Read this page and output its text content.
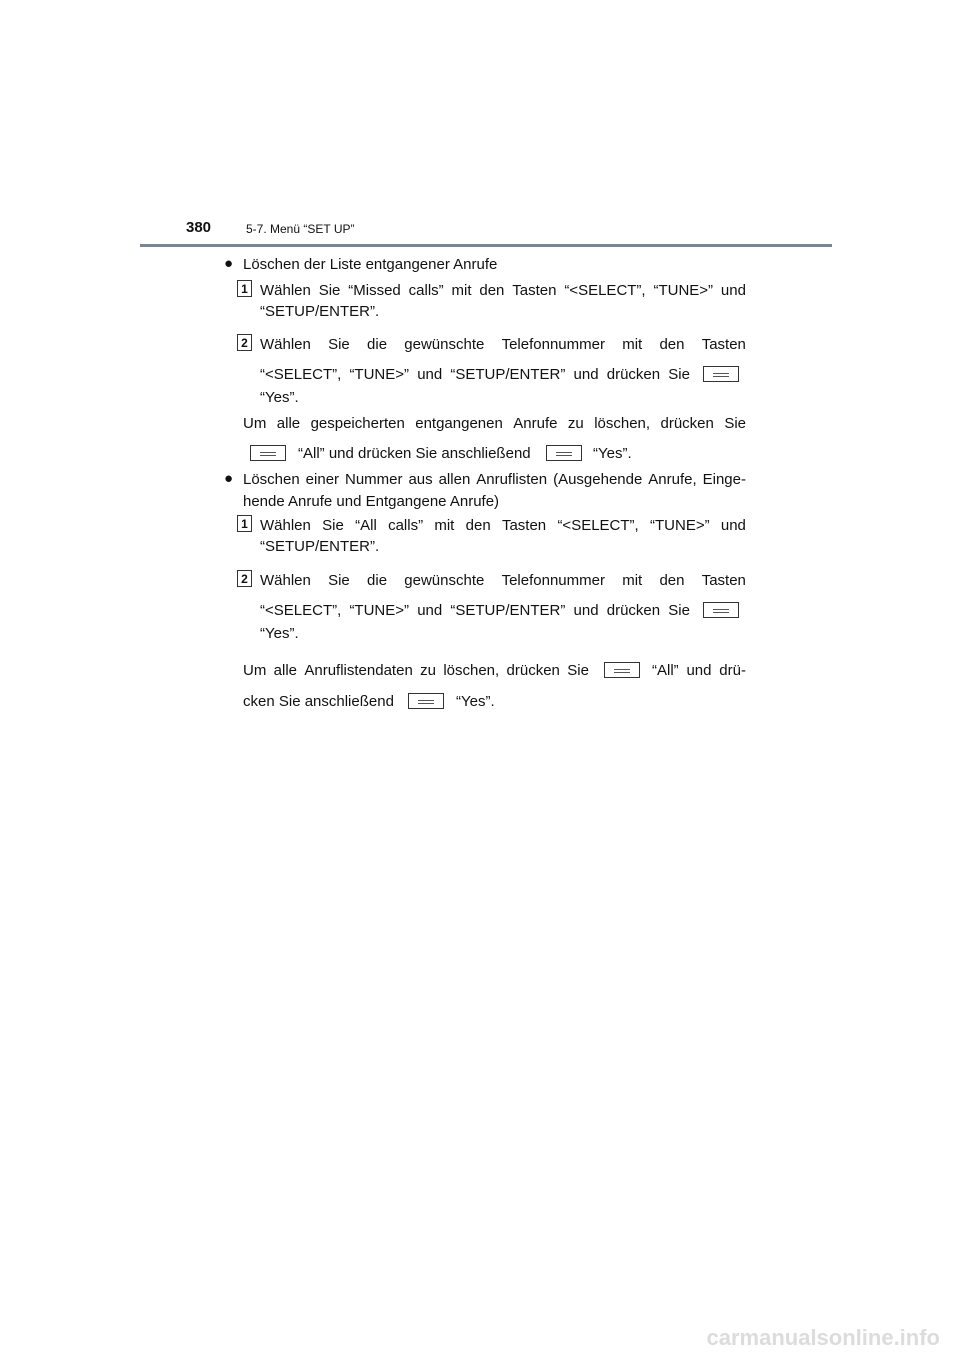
380	5-7. Menü “SET UP”
● Löschen der Liste entgangener Anrufe
1 Wählen Sie “Missed calls” mit den Tasten “<SELECT”, “TUNE>” und
“SETUP/ENTER”.
2 Wählen Sie die gewünschte Telefonnummer mit den Tasten
“<SELECT”, “TUNE>” und “SETUP/ENTER” und drücken Sie
“Yes”.
Um alle gespeicherten entgangenen Anrufe zu löschen, drücken Sie
“All” und drücken Sie anschließend	“Yes”.
● Löschen einer Nummer aus allen Anruflisten (Ausgehende Anrufe, Einge-
hende Anrufe und Entgangene Anrufe)
1 Wählen Sie “All calls” mit den Tasten “<SELECT”, “TUNE>” und
“SETUP/ENTER”.
2 Wählen Sie die gewünschte Telefonnummer mit den Tasten
“<SELECT”, “TUNE>” und “SETUP/ENTER” und drücken Sie
“Yes”.
Um alle Anruflistendaten zu löschen, drücken Sie	“All” und drü-
cken Sie anschließend	“Yes”.
carmanualsonline.info
